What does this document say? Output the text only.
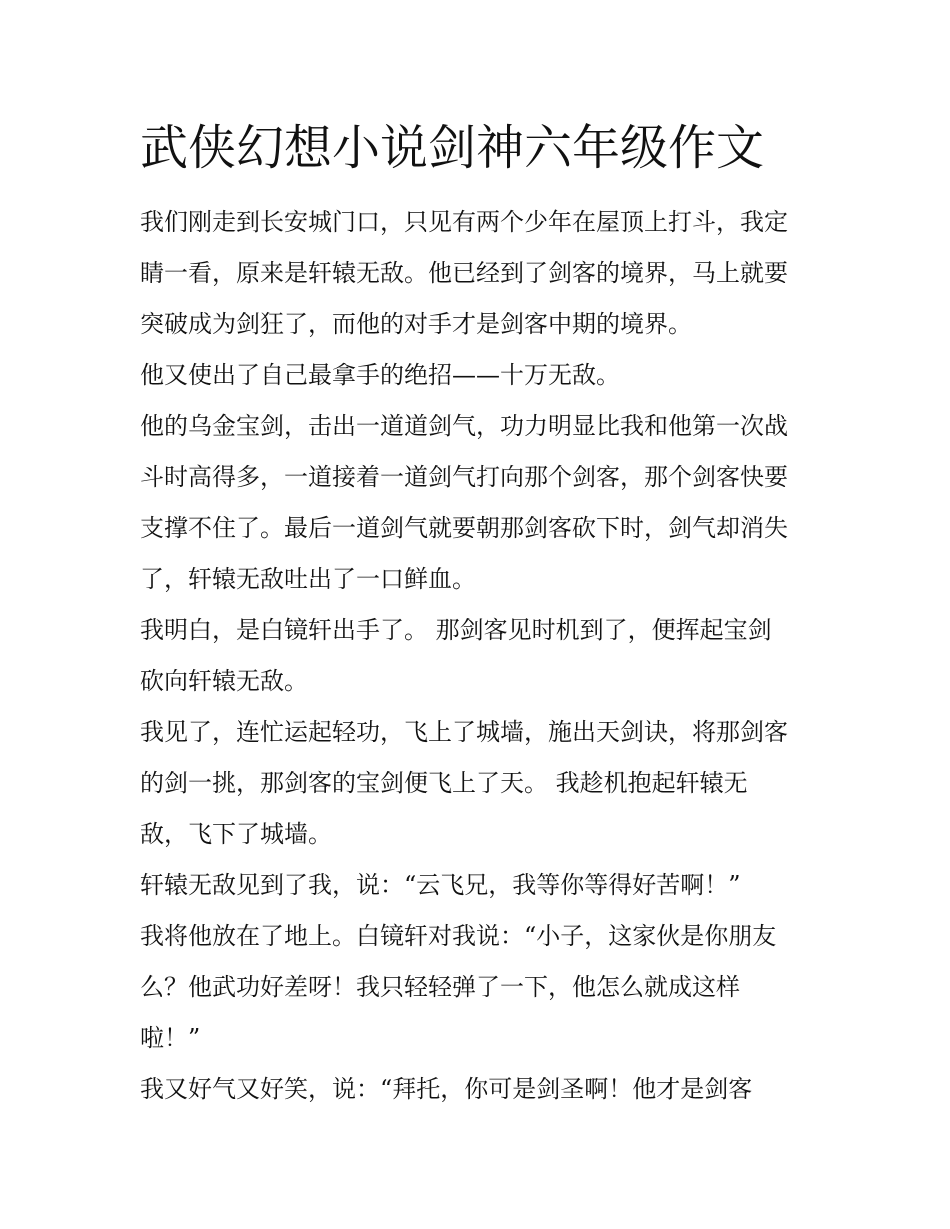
武侠幻想小说剑神六年级作文

我们刚走到长安城门口，只见有两个少年在屋顶上打斗，我定

睛一看，原来是轩辕无敌。他已经到了剑客的境界，马上就要

突破成为剑狂了，而他的对手才是剑客中期的境界。

他又使出了自己最拿手的绝招——十万无敌。

他的乌金宝剑，击出一道道剑气，功力明显比我和他第一次战

斗时高得多，一道接着一道剑气打向那个剑客，那个剑客快要

支撑不住了。最后一道剑气就要朝那剑客砍下时，剑气却消失

了，轩辕无敌吐出了一口鲜血。

我明白，是白镜轩出手了。 那剑客见时机到了，便挥起宝剑

砍向轩辕无敌。

我见了，连忙运起轻功，飞上了城墙，施出天剑诀，将那剑客

的剑一挑，那剑客的宝剑便飞上了天。 我趁机抱起轩辕无

敌，飞下了城墙。

轩辕无敌见到了我，说：“云飞兄，我等你等得好苦啊！”

我将他放在了地上。白镜轩对我说：“小子，这家伙是你朋友

么？他武功好差呀！我只轻轻弹了一下，他怎么就成这样

啦！”

我又好气又好笑，说：“拜托，你可是剑圣啊！他才是剑客
